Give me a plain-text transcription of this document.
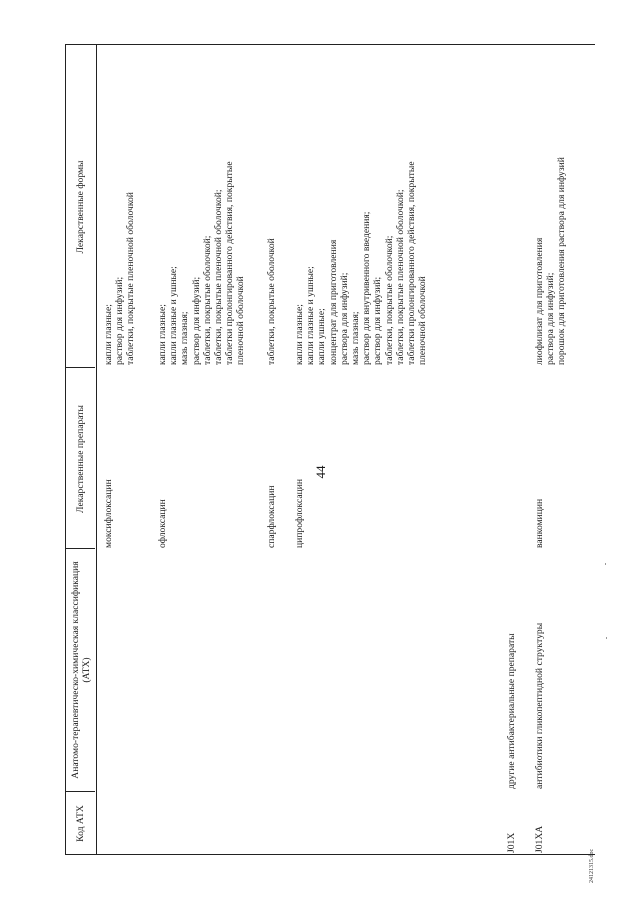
44
Код АТХ
Анатомо-терапевтическо-химическая классификация (АТХ)
Лекарственные препараты
Лекарственные формы
моксифлоксацин
капли глазные; раствор для инфузий; таблетки, покрытые пленочной оболочкой
офлоксацин
капли глазные; капли глазные и ушные; мазь глазная; раствор для инфузий; таблетки, покрытые оболочкой; таблетки, покрытые пленочной оболочкой; таблетки пролонгированного действия, покрытые пленочной оболочкой
спарфлоксацин
таблетки, покрытые оболочкой
ципрофлоксацин
капли глазные; капли глазные и ушные; капли ушные; концентрат для приготовления раствора для инфузий; мазь глазная; раствор для внутривенного введения; раствор для инфузий; таблетки, покрытые оболочкой; таблетки, покрытые пленочной оболочкой; таблетки пролонгированного действия, покрытые пленочной оболочкой
J01X
другие антибактериальные препараты
J01XA
антибиотики гликопептидной структуры
ванкомицин
лиофилизат для приготовления раствора для инфузий; порошок для приготовления раствора для инфузий
24121315.doc
